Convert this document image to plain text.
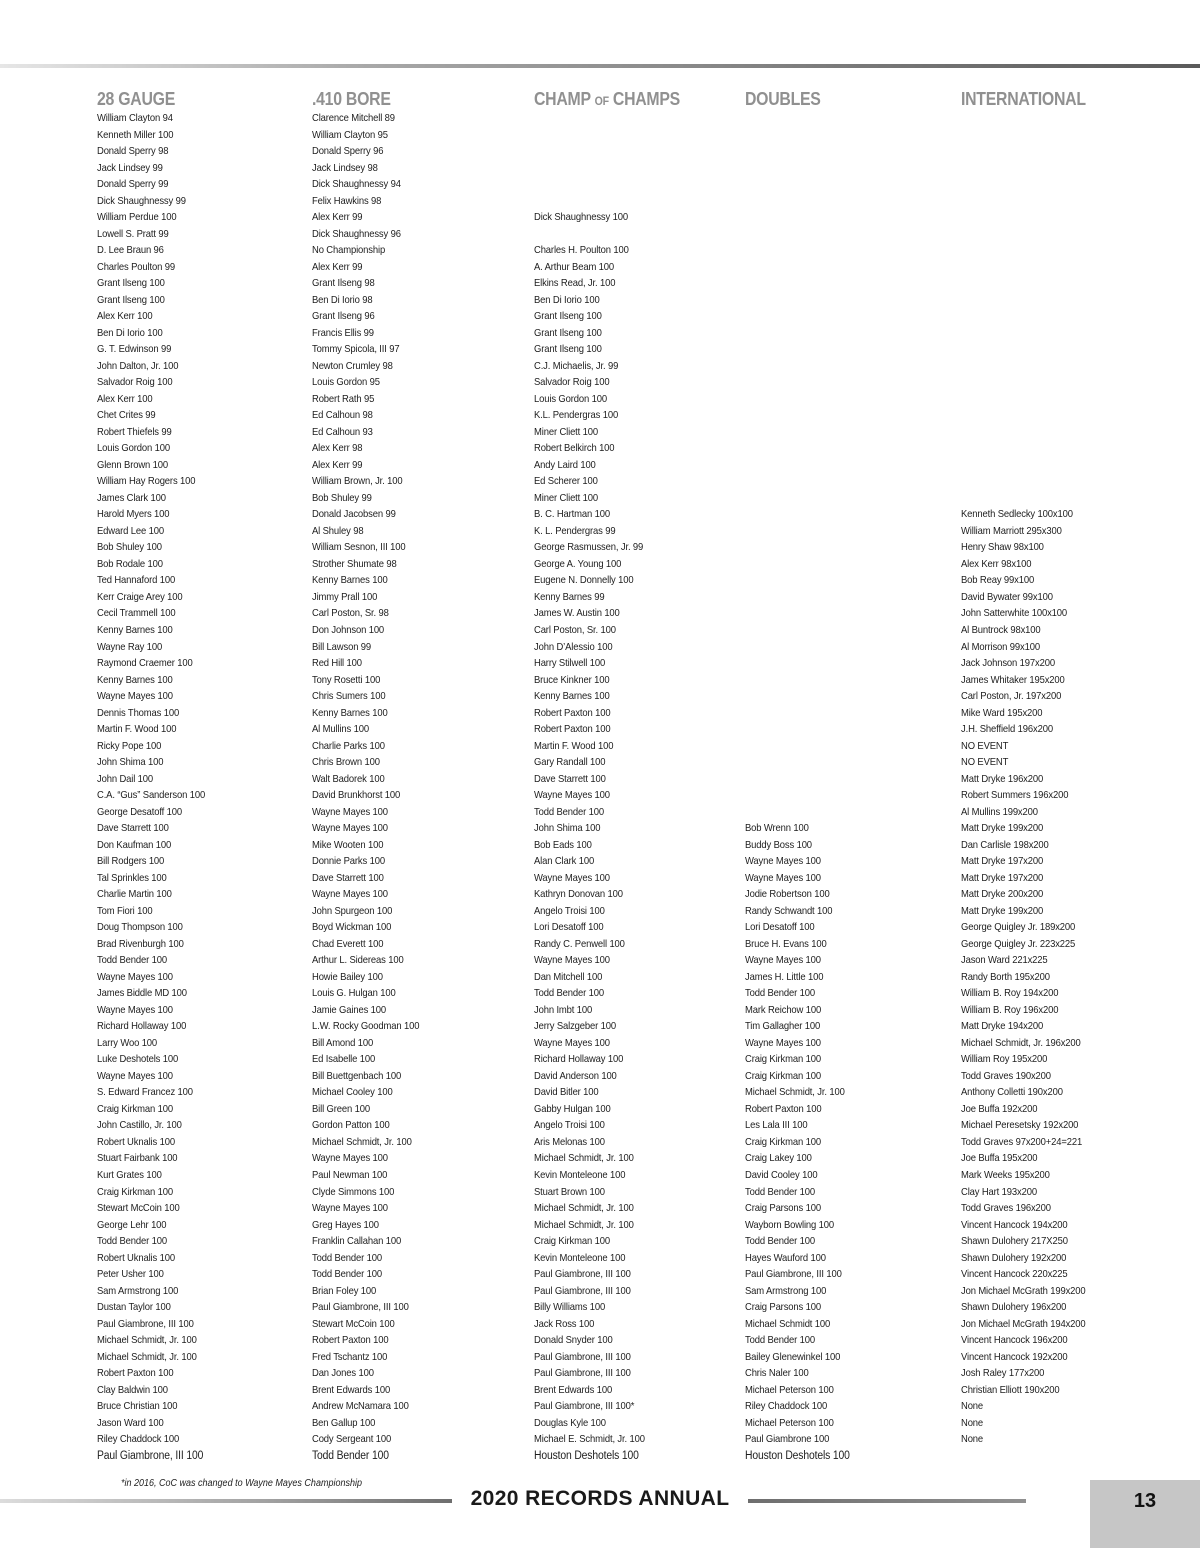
28 GAUGE
William Clayton 94
Kenneth Miller 100
Donald Sperry 98
Jack Lindsey 99
Donald Sperry 99
Dick Shaughnessy 99
William Perdue 100
Lowell S. Pratt 99
D. Lee Braun 96
Charles Poulton 99
Grant Ilseng 100
Grant Ilseng 100
Alex Kerr 100
Ben Di Iorio 100
G. T. Edwinson 99
John Dalton, Jr. 100
Salvador Roig 100
Alex Kerr 100
Chet Crites 99
Robert Thiefels 99
Louis Gordon 100
Glenn Brown 100
William Hay Rogers 100
James Clark 100
Harold Myers 100
Edward Lee 100
Bob Shuley 100
Bob Rodale 100
Ted Hannaford 100
Kerr Craige Arey 100
Cecil Trammell 100
Kenny Barnes 100
Wayne Ray 100
Raymond Craemer 100
Kenny Barnes 100
Wayne Mayes 100
Dennis Thomas 100
Martin F. Wood 100
Ricky Pope 100
John Shima 100
John Dail 100
C.A. “Gus” Sanderson 100
George Desatoff 100
Dave Starrett 100
Don Kaufman 100
Bill Rodgers 100
Tal Sprinkles 100
Charlie Martin 100
Tom Fiori 100
Doug Thompson 100
Brad Rivenburgh 100
Todd Bender 100
Wayne Mayes 100
James Biddle MD 100
Wayne Mayes 100
Richard Hollaway 100
Larry Woo 100
Luke Deshotels 100
Wayne Mayes 100
S. Edward Francez 100
Craig Kirkman 100
John Castillo, Jr. 100
Robert Uknalis 100
Stuart Fairbank 100
Kurt Grates 100
Craig Kirkman 100
Stewart McCoin 100
George Lehr 100
Todd Bender 100
Robert Uknalis 100
Peter Usher 100
Sam Armstrong 100
Dustan Taylor 100
Paul Giambrone, III 100
Michael Schmidt, Jr. 100
Michael Schmidt, Jr. 100
Robert Paxton 100
Clay Baldwin 100
Bruce Christian 100
Jason Ward 100
Riley Chaddock 100
Paul Giambrone, III 100
.410 BORE
Clarence Mitchell 89
William Clayton 95
Donald Sperry 96
Jack Lindsey 98
Dick Shaughnessy 94
Felix Hawkins 98
Alex Kerr 99
Dick Shaughnessy 96
No Championship
Alex Kerr 99
Grant Ilseng 98
Ben Di Iorio 98
Grant Ilseng 96
Francis Ellis 99
Tommy Spicola, III 97
Newton Crumley 98
Louis Gordon 95
Robert Rath 95
Ed Calhoun 98
Ed Calhoun 93
Alex Kerr 98
Alex Kerr 99
William Brown, Jr. 100
Bob Shuley 99
Donald Jacobsen 99
Al Shuley 98
William Sesnon, III 100
Strother Shumate 98
Kenny Barnes 100
Jimmy Prall 100
Carl Poston, Sr. 98
Don Johnson 100
Bill Lawson 99
Red Hill 100
Tony Rosetti 100
Chris Sumers 100
Kenny Barnes 100
Al Mullins 100
Charlie Parks 100
Chris Brown 100
Walt Badorek 100
David Brunkhorst 100
Wayne Mayes 100
Wayne Mayes 100
Mike Wooten 100
Donnie Parks 100
Dave Starrett 100
Wayne Mayes 100
John Spurgeon 100
Boyd Wickman 100
Chad Everett 100
Arthur L. Sidereas 100
Howie Bailey 100
Louis G. Hulgan 100
Jamie Gaines 100
L.W. Rocky Goodman 100
Bill Amond 100
Ed Isabelle 100
Bill Buettgenbach 100
Michael Cooley 100
Bill Green 100
Gordon Patton 100
Michael Schmidt, Jr. 100
Wayne Mayes 100
Paul Newman 100
Clyde Simmons 100
Wayne Mayes 100
Greg Hayes 100
Franklin Callahan 100
Todd Bender 100
Todd Bender 100
Brian Foley 100
Paul Giambrone, III 100
Stewart McCoin 100
Robert Paxton 100
Fred Tschantz 100
Dan Jones 100
Brent Edwards 100
Andrew McNamara 100
Ben Gallup 100
Cody Sergeant 100
Todd Bender 100
CHAMP OF CHAMPS
Dick Shaughnessy 100
Charles H. Poulton 100
A. Arthur Beam 100
Elkins Read, Jr. 100
Ben Di Iorio 100
Grant Ilseng 100
Grant Ilseng 100
Grant Ilseng 100
C.J. Michaelis, Jr. 99
Salvador Roig 100
Louis Gordon 100
K.L. Pendergras 100
Miner Cliett 100
Robert Belkirch 100
Andy Laird 100
Ed Scherer 100
Miner Cliett 100
B. C. Hartman 100
K. L. Pendergras 99
George Rasmussen, Jr. 99
George A. Young 100
Eugene N. Donnelly 100
Kenny Barnes 99
James W. Austin 100
Carl Poston, Sr. 100
John D’Alessio 100
Harry Stilwell 100
Bruce Kinkner 100
Kenny Barnes 100
Robert Paxton 100
Robert Paxton 100
Martin F. Wood 100
Gary Randall 100
Dave Starrett 100
Wayne Mayes 100
Todd Bender 100
John Shima 100
Bob Eads 100
Alan Clark 100
Wayne Mayes 100
Kathryn Donovan 100
Angelo Troisi 100
Lori Desatoff 100
Randy C. Penwell 100
Wayne Mayes 100
Dan Mitchell 100
Todd Bender 100
John Imbt 100
Jerry Salzgeber 100
Wayne Mayes 100
Richard Hollaway 100
David Anderson 100
David Bitler 100
Gabby Hulgan 100
Angelo Troisi 100
Aris Melonas 100
Michael Schmidt, Jr. 100
Kevin Monteleone 100
Stuart Brown 100
Michael Schmidt, Jr. 100
Michael Schmidt, Jr. 100
Craig Kirkman 100
Kevin Monteleone 100
Paul Giambrone, III 100
Paul Giambrone, III 100
Billy Williams 100
Jack Ross 100
Donald Snyder 100
Paul Giambrone, III 100
Paul Giambrone, III 100
Brent Edwards 100
Paul Giambrone, III 100*
Douglas Kyle 100
Michael E. Schmidt, Jr. 100
Houston Deshotels 100
DOUBLES
Bob Wrenn 100
Buddy Boss 100
Wayne Mayes 100
Wayne Mayes 100
Jodie Robertson 100
Randy Schwandt 100
Lori Desatoff 100
Bruce H. Evans 100
Wayne Mayes 100
James H. Little 100
Todd Bender 100
Mark Reichow 100
Tim Gallagher 100
Wayne Mayes 100
Craig Kirkman 100
Craig Kirkman 100
Michael Schmidt, Jr. 100
Robert Paxton 100
Les Lala III 100
Craig Kirkman 100
Craig Lakey 100
David Cooley 100
Todd Bender 100
Craig Parsons 100
Wayborn Bowling 100
Todd Bender 100
Hayes Wauford 100
Paul Giambrone, III 100
Sam Armstrong 100
Craig Parsons 100
Michael Schmidt 100
Todd Bender 100
Bailey Glenewinkel 100
Chris Naler 100
Michael Peterson 100
Riley Chaddock 100
Michael Peterson 100
Paul Giambrone 100
Houston Deshotels 100
INTERNATIONAL
Kenneth Sedlecky 100x100
William Marriott 295x300
Henry Shaw 98x100
Alex Kerr 98x100
Bob Reay 99x100
David Bywater 99x100
John Satterwhite 100x100
Al Buntrock 98x100
Al Morrison 99x100
Jack Johnson 197x200
James Whitaker 195x200
Carl Poston, Jr. 197x200
Mike Ward 195x200
J.H. Sheffield 196x200
NO EVENT
NO EVENT
Matt Dryke 196x200
Robert Summers 196x200
Al Mullins 199x200
Matt Dryke 199x200
Dan Carlisle 198x200
Matt Dryke 197x200
Matt Dryke 197x200
Matt Dryke 200x200
Matt Dryke 199x200
George Quigley Jr. 189x200
George Quigley Jr. 223x225
Jason Ward 221x225
Randy Borth 195x200
William B. Roy 194x200
William B. Roy 196x200
Matt Dryke 194x200
Michael Schmidt, Jr. 196x200
William Roy 195x200
Todd Graves 190x200
Anthony Colletti 190x200
Joe Buffa 192x200
Michael Peresetsky 192x200
Todd Graves 97x200+24=221
Joe Buffa 195x200
Mark Weeks 195x200
Clay Hart 193x200
Todd Graves 196x200
Vincent Hancock 194x200
Shawn Dulohery 217X250
Shawn Dulohery 192x200
Vincent Hancock 220x225
Jon Michael McGrath 199x200
Shawn Dulohery 196x200
Jon Michael McGrath 194x200
Vincent Hancock 196x200
Vincent Hancock 192x200
Josh Raley 177x200
Christian Elliott 190x200
None
None
None
*in 2016, CoC was changed to Wayne Mayes Championship
2020 RECORDS ANNUAL	13
